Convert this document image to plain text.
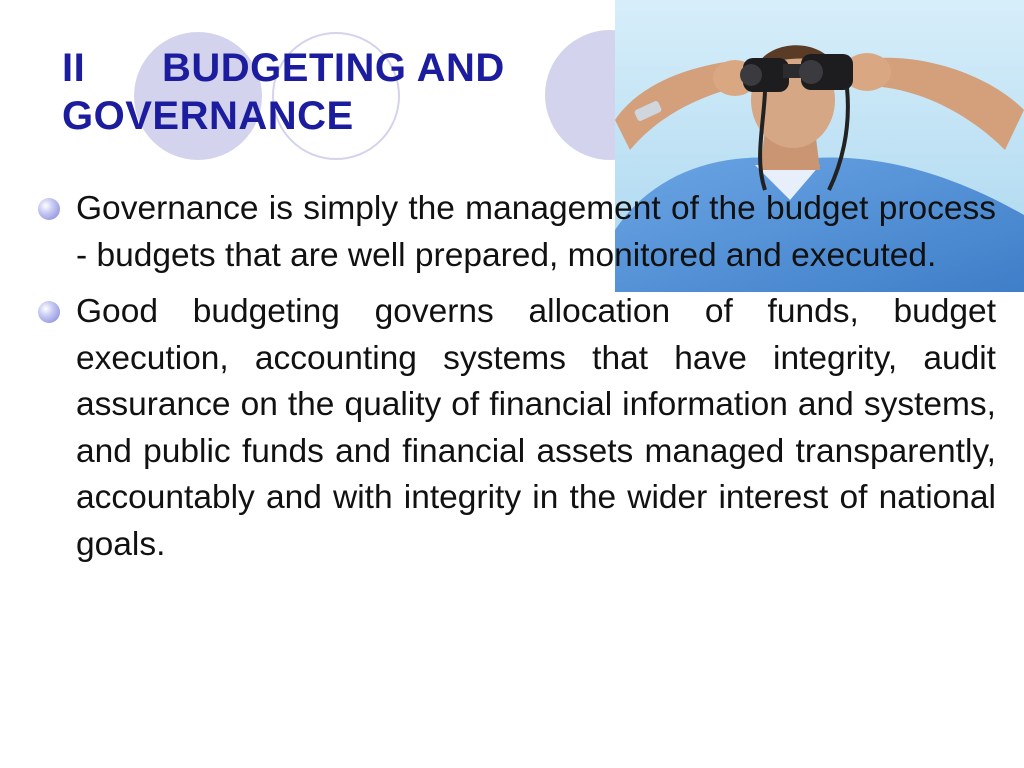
II BUDGETING AND GOVERNANCE
Governance is simply the management of the budget process - budgets that are well prepared, monitored and executed.
Good budgeting governs allocation of funds, budget execution, accounting systems that have integrity, audit assurance on the quality of financial information and systems, and public funds and financial assets managed transparently, accountably and with integrity in the wider interest of national goals.
